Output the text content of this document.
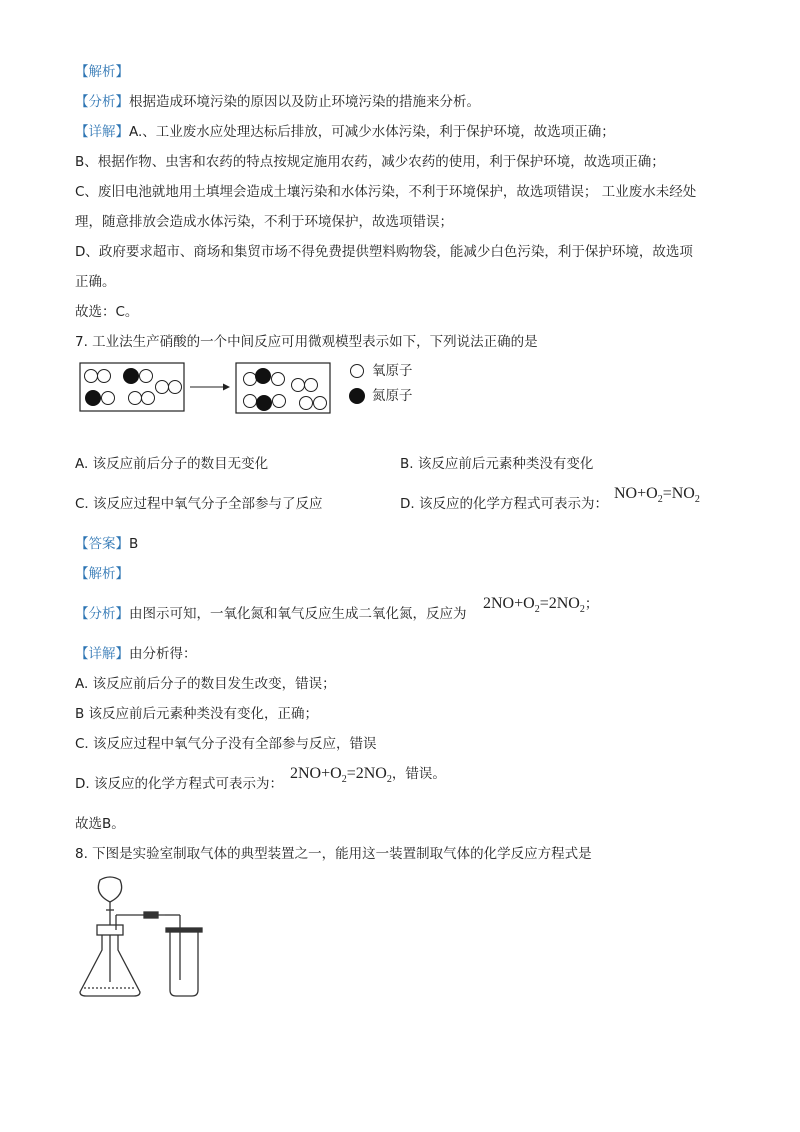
【解析】
【分析】根据造成环境污染的原因以及防止环境污染的措施来分析。
【详解】A.、工业废水应处理达标后排放，可减少水体污染，利于保护环境，故选项正确；
B、根据作物、虫害和农药的特点按规定施用农药，减少农药的使用，利于保护环境，故选项正确；
C、废旧电池就地用土填埋会造成土壤污染和水体污染，不利于环境保护，故选项错误； 工业废水未经处
理，随意排放会造成水体污染，不利于环境保护，故选项错误；
D、政府要求超市、商场和集贸市场不得免费提供塑料购物袋，能减少白色污染，利于保护环境，故选项
正确。
故选：C。
7. 工业法生产硝酸的一个中间反应可用微观模型表示如下，下列说法正确的是
氧原子
氮原子
A. 该反应前后分子的数目无变化	B. 该反应前后元素种类没有变化
C. 该反应过程中氧气分子全部参与了反应	D. 该反应的化学方程式可表示为：
$NO+O_2=NO_2$
【答案】B
【解析】
【分析】由图示可知，一氧化氮和氧气反应生成二氧化氮，反应为
$2NO+O_2=2NO_2$；
【详解】由分析得：
A. 该反应前后分子的数目发生改变，错误；
B 该反应前后元素种类没有变化，正确；
C. 该反应过程中氧气分子没有全部参与反应，错误
D. 该反应的化学方程式可表示为：
$2NO+O_2=2NO_2$，错误。
故选B。
8. 下图是实验室制取气体的典型装置之一，能用这一装置制取气体的化学反应方程式是
